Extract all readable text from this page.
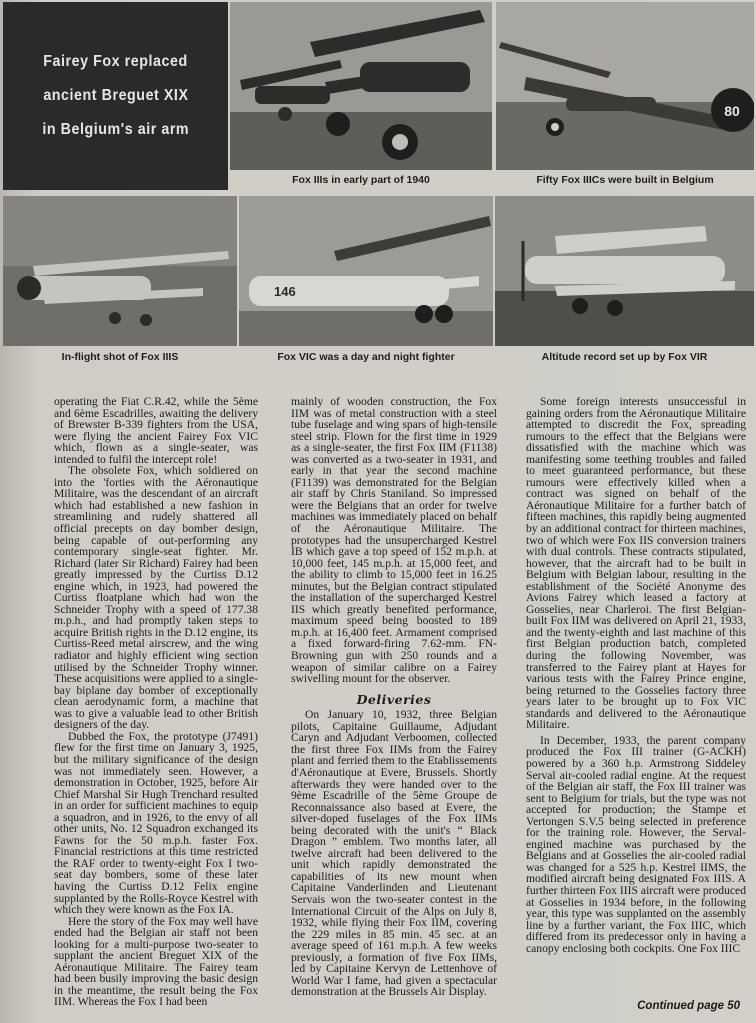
Fairey Fox replaced
ancient Breguet XIX
in Belgium's air arm
Fox IIIs in early part of 1940
80
Fifty Fox IIICs were built in Belgium
In-flight shot of Fox IIIS
146
Fox VIC was a day and night fighter	Altitude record set up by Fox VIR

operating the Fiat C.R.42, while the 5ème and 6ème Escadrilles, awaiting the delivery of Brewster B-339 fighters from the USA, were flying the ancient Fairey Fox VIC which, flown as a single-seater, was intended to fulfil the intercept role!

The obsolete Fox, which soldiered on into the 'forties with the Aéronautique Militaire, was the descendant of an aircraft which had established a new fashion in streamlining and rudely shattered all official precepts on day bomber design, being capable of out-performing any contemporary single-seat fighter. Mr. Richard (later Sir Richard) Fairey had been greatly impressed by the Curtiss D.12 engine which, in 1923, had powered the Curtiss floatplane which had won the Schneider Trophy with a speed of 177.38 m.p.h., and had promptly taken steps to acquire British rights in the D.12 engine, its Curtiss-Reed metal airscrew, and the wing radiator and highly efficient wing section utilised by the Schneider Trophy winner. These acquisitions were applied to a single-bay biplane day bomber of exceptionally clean aerodynamic form, a machine that was to give a valuable lead to other British designers of the day.

Dubbed the Fox, the prototype (J7491) flew for the first time on January 3, 1925, but the military significance of the design was not immediately seen. However, a demonstration in October, 1925, before Air Chief Marshal Sir Hugh Trenchard resulted in an order for sufficient machines to equip a squadron, and in 1926, to the envy of all other units, No. 12 Squadron exchanged its Fawns for the 50 m.p.h. faster Fox. Financial restrictions at this time restricted the RAF order to twenty-eight Fox I two-seat day bombers, some of these later having the Curtiss D.12 Felix engine supplanted by the Rolls-Royce Kestrel with which they were known as the Fox IA.

Here the story of the Fox may well have ended had the Belgian air staff not been looking for a multi-purpose two-seater to supplant the ancient Breguet XIX of the Aéronautique Militaire. The Fairey team had been busily improving the basic design in the meantime, the result being the Fox IIM. Whereas the Fox I had been

mainly of wooden construction, the Fox IIM was of metal construction with a steel tube fuselage and wing spars of high-tensile steel strip. Flown for the first time in 1929 as a single-seater, the first Fox IIM (F1138) was converted as a two-seater in 1931, and early in that year the second machine (F1139) was demonstrated for the Belgian air staff by Chris Staniland. So impressed were the Belgians that an order for twelve machines was immediately placed on behalf of the Aéronautique Militaire. The prototypes had the unsupercharged Kestrel IB which gave a top speed of 152 m.p.h. at 10,000 feet, 145 m.p.h. at 15,000 feet, and the ability to climb to 15,000 feet in 16.25 minutes, but the Belgian contract stipulated the installation of the supercharged Kestrel IIS which greatly benefited performance, maximum speed being boosted to 189 m.p.h. at 16,400 feet. Armament comprised a fixed forward-firing 7.62-mm. FN-Browning gun with 250 rounds and a weapon of similar calibre on a Fairey swivelling mount for the observer.

Deliveries

On January 10, 1932, three Belgian pilots, Capitaine Guillaume, Adjudant Caryn and Adjudant Verboomen, collected the first three Fox IIMs from the Fairey plant and ferried them to the Etablissements d'Aéronautique at Evere, Brussels. Shortly afterwards they were handed over to the 9ème Escadrille of the 5ème Groupe de Reconnaissance also based at Evere, the silver-doped fuselages of the Fox IIMs being decorated with the unit's “ Black Dragon ” emblem. Two months later, all twelve aircraft had been delivered to the unit which rapidly demonstrated the capabilities of its new mount when Capitaine Vanderlinden and Lieutenant Servais won the two-seater contest in the International Circuit of the Alps on July 8, 1932, while flying their Fox IIM, covering the 229 miles in 85 min. 45 sec. at an average speed of 161 m.p.h. A few weeks previously, a formation of five Fox IIMs, led by Capitaine Kervyn de Lettenhove of World War I fame, had given a spectacular demonstration at the Brussels Air Display.

Some foreign interests unsuccessful in gaining orders from the Aéronautique Militaire attempted to discredit the Fox, spreading rumours to the effect that the Belgians were dissatisfied with the machine which was manifesting some teething troubles and failed to meet guaranteed performance, but these rumours were effectively killed when a contract was signed on behalf of the Aéronautique Militaire for a further batch of fifteen machines, this rapidly being augmented by an additional contract for thirteen machines, two of which were Fox IIS conversion trainers with dual controls. These contracts stipulated, however, that the aircraft had to be built in Belgium with Belgian labour, resulting in the establishment of the Société Anonyme des Avions Fairey which leased a factory at Gosselies, near Charleroi. The first Belgian-built Fox IIM was delivered on April 21, 1933, and the twenty-eighth and last machine of this first Belgian production batch, completed during the following November, was transferred to the Fairey plant at Hayes for various tests with the Fairey Prince engine, being returned to the Gosselies factory three years later to be brought up to Fox VIC standards and delivered to the Aéronautique Militaire.

In December, 1933, the parent company produced the Fox III trainer (G-ACKH) powered by a 360 h.p. Armstrong Siddeley Serval air-cooled radial engine. At the request of the Belgian air staff, the Fox III trainer was sent to Belgium for trials, but the type was not accepted for production; the Stampe et Vertongen S.V.5 being selected in preference for the training role. However, the Serval-engined machine was purchased by the Belgians and at Gosselies the air-cooled radial was changed for a 525 h.p. Kestrel IIMS, the modified aircraft being designated Fox IIIS. A further thirteen Fox IIIS aircraft were produced at Gosselies in 1934 before, in the following year, this type was supplanted on the assembly line by a further variant, the Fox IIIC, which differed from its predecessor only in having a canopy enclosing both cockpits. One Fox IIIC

Continued page 50
